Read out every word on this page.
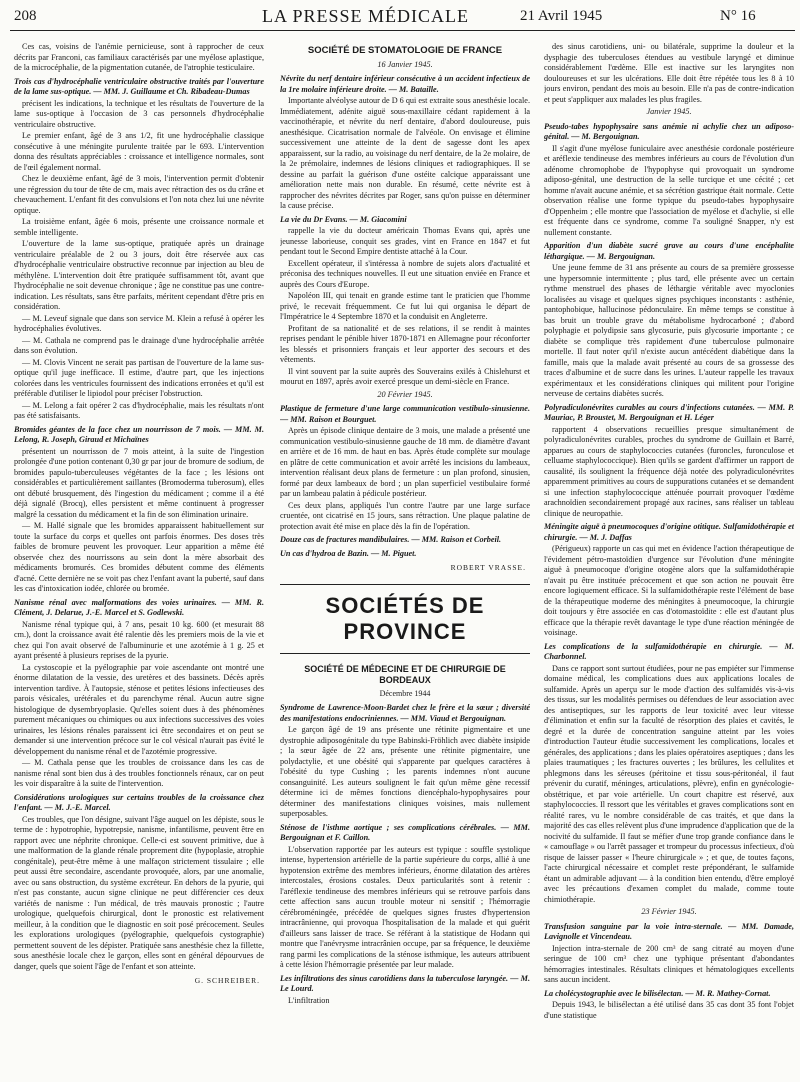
208	LA PRESSE MÉDICALE	21 Avril 1945	N° 16

Ces cas, voisins de l'anémie pernicieuse, sont à rapprocher de ceux décrits par Franconi, cas familiaux caractérisés par une myélose aplastique, de la microcéphalie, de la pigmentation cutanée, de l'atrophie testiculaire.

Trois cas d'hydrocéphalie ventriculaire obstructive traités par l'ouverture de la lame sus-optique. — MM. J. Guillaume et Ch. Ribadeau-Dumas

précisent les indications, la technique et les résultats de l'ouverture de la lame sus-optique à l'occasion de 3 cas personnels d'hydrocéphalie ventriculaire obstructive.

Le premier enfant, âgé de 3 ans 1/2, fit une hydrocéphalie classique consécutive à une méningite purulente traitée par le 693. L'intervention donna des résultats appréciables : croissance et intelligence normales, sont de l'œil également normal.

Chez le deuxième enfant, âgé de 3 mois, l'intervention permit d'obtenir une régression du tour de tête de cm, mais avec rétraction des os du crâne et chevauchement. L'enfant fit des convulsions et l'on nota chez lui une névrite optique.

La troisième enfant, âgée 6 mois, présente une croissance normale et semble intelligente.

L'ouverture de la lame sus-optique, pratiquée après un drainage ventriculaire préalable de 2 ou 3 jours, doit être réservée aux cas d'hydrocéphalie ventriculaire obstructive reconnue par injection au bleu de méthylène. L'intervention doit être pratiquée suffisamment tôt, avant que l'hydrocéphalie ne soit devenue chronique ; âge ne constitue pas une contre-indication. Les résultats, sans être parfaits, méritent cependant d'être pris en considération.

— M. Leveuf signale que dans son service M. Klein a refusé à opérer les hydrocéphalies évolutives.

— M. Cathala ne comprend pas le drainage d'une hydrocéphalie arrêtée dans son évolution.

— M. Clovis Vincent ne serait pas partisan de l'ouverture de la lame sus-optique qu'il juge inefficace. Il estime, d'autre part, que les injections colorées dans les ventricules fournissent des indications erronées et qu'il est préférable d'utiliser le lipiodol pour préciser l'obstruction.

— M. Lelong a fait opérer 2 cas d'hydrocéphalie, mais les résultats n'ont pas été satisfaisants.

Bromides géantes de la face chez un nourrisson de 7 mois. — MM. M. Lelong, R. Joseph, Giraud et Michaïnes

présentent un nourrisson de 7 mois atteint, à la suite de l'ingestion prolongée d'une potion contenant 0,30 gr par jour de bromure de sodium, de bromides papulo-tuberculeuses végétantes de la face ; les lésions ont considérables et particulièrement saillantes (Bromoderma tuberosum), elles ont débuté brusquement, dès l'ingestion du médicament ; comme il a été déjà signalé (Brocq), elles persistent et même continuent à progresser malgré la cessation du médicament et la fin de son élimination urinaire.

— M. Hallé signale que les bromides apparaissent habituellement sur toute la surface du corps et quelles ont parfois énormes. Des doses très faibles de bromure peuvent les provoquer. Leur apparition a même été observée chez des nourrissons au sein dont la mère absorbait des médicaments bromurés. Ces bromides débutent comme des éléments d'acné. Cette dernière ne se voit pas chez l'enfant avant la puberté, sauf dans les cas d'intoxication iodée, chlorée ou bromée.

Nanisme rénal avec malformations des voies urinaires. — MM. R. Clément, J. Delarue, J.-E. Marcel et S. Godlewski.

Nanisme rénal typique qui, à 7 ans, pesait 10 kg. 600 (et mesurait 88 cm.), dont la croissance avait été ralentie dès les premiers mois de la vie et chez qui l'on avait observé de l'albuminurie et une azotémie à 1 g. 25 et ayant présenté à plusieurs reprises de la pyurie.

La cystoscopie et la pyélographie par voie ascendante ont montré une énorme dilatation de la vessie, des uretères et des bassinets. Décès après intervention tardive. À l'autopsie, sténose et petites lésions infectieuses des parois vésicales, urétérales et du parenchyme rénal. Aucun autre signe histologique de dysembryoplasie. Qu'elles soient dues à des phénomènes purement mécaniques ou chimiques ou aux infections successives des voies urinaires, les lésions rénales paraissent ici être secondaires et on peut se demander si une intervention précoce sur le col vésical n'aurait pas évité le développement du nanisme rénal et de l'azotémie progressive.

— M. Cathala pense que les troubles de croissance dans les cas de nanisme rénal sont bien dus à des troubles fonctionnels rénaux, car on peut les voir disparaître à la suite de l'intervention.

Considérations urologiques sur certains troubles de la croissance chez l'enfant. — M. J.-E. Marcel.

Ces troubles, que l'on désigne, suivant l'âge auquel on les dépiste, sous le terme de : hypotrophie, hypotrepsie, nanisme, infantilisme, peuvent être en rapport avec une néphrite chronique. Celle-ci est souvent primitive, due à une malformation de la glande rénale proprement dite (hypoplasie, atrophie congénitale), peut-être même à une malfaçon strictement tissulaire ; elle peut aussi être secondaire, ascendante provoquée, alors, par une anomalie, avec ou sans obstruction, du système excréteur. En dehors de la pyurie, qui n'est pas constante, aucun signe clinique ne peut différencier ces deux variétés de nanisme : l'un médical, de très mauvais pronostic ; l'autre urologique, quelquefois chirurgical, dont le pronostic est relativement meilleur, à la condition que le diagnostic en soit posé précocement. Seules les explorations urologiques (pyélographie, quelquefois cystographie) permettent souvent de les dépister. Pratiquée sans anesthésie chez la fillette, sous anesthésie locale chez le garçon, elles sont en général dépourvues de danger, quels que soient l'âge de l'enfant et son atteinte.

G. SCHREIBER.

SOCIÉTÉ DE STOMATOLOGIE DE FRANCE

16 Janvier 1945.

Névrite du nerf dentaire inférieur consécutive à un accident infectieux de la 1re molaire inférieure droite. — M. Bataille.

Importante alvéolyse autour de D 6 qui est extraite sous anesthésie locale. Immédiatement, adénite aiguë sous-maxillaire cédant rapidement à la vaccinothérapie, et névrite du nerf dentaire, d'abord douloureuse, puis anesthésique. Cicatrisation normale de l'alvéole. On envisage et élimine successivement une atteinte de la dent de sagesse dont les apex apparaissent, sur la radio, au voisinage du nerf dentaire, de la 2e molaire, de la 2e prémolaire, indemnes de lésions cliniques et radiographiques. Il se dessine au parfait la guérison d'une ostéite calcique apparaissant une amélioration nette mais non durable. En résumé, cette névrite est à rapprocher des névrites décrites par Roger, sans qu'on puisse en déterminer la cause précise.

La vie du Dr Evans. — M. Giacomini

rappelle la vie du docteur américain Thomas Evans qui, après une jeunesse laborieuse, conquit ses grades, vint en France en 1847 et fut pendant tout le Second Empire dentiste attaché à la Cour.

Excellent opérateur, il s'intéressa à nombre de sujets alors d'actualité et préconisa des techniques nouvelles. Il eut une situation enviée en France et auprès des Cours d'Europe.

Napoléon III, qui tenait en grande estime tant le praticien que l'homme privé, le recevait fréquemment. Ce fut lui qui organisa le départ de l'Impératrice le 4 Septembre 1870 et la conduisit en Angleterre.

Profitant de sa nationalité et de ses relations, il se rendit à maintes reprises pendant le pénible hiver 1870-1871 en Allemagne pour réconforter les blessés et prisonniers français et leur apporter des secours et des vêtements.

Il vint souvent par la suite auprès des Souverains exilés à Chislehurst et mourut en 1897, après avoir exercé presque un demi-siècle en France.

20 Février 1945.

Plastique de fermeture d'une large communication vestibulo-sinusienne. — MM. Raison et Bourguet.

Après un épisode clinique dentaire de 3 mois, une malade a présenté une communication vestibulo-sinusienne gauche de 18 mm. de diamètre d'avant en arrière et de 16 mm. de haut en bas. Après étude complète sur moulage en plâtre de cette communication et avoir arrêté les incisions du lambeaux, intervention réalisant deux plans de fermeture : un plan profond, sinusien, formé par deux lambeaux de bord ; un plan superficiel vestibulaire formé par un lambeau palatin à pédicule postérieur.

Ces deux plans, appliqués l'un contre l'autre par une large surface cruentée, ont cicatrisé en 15 jours, sans rétraction. Une plaque palatine de protection avait été mise en place dès la fin de l'opération.

Douze cas de fractures mandibulaires. — MM. Raison et Corbeil.

Un cas d'hydroa de Bazin. — M. Piguet.

ROBERT VRASSE.

SOCIÉTÉS DE PROVINCE

SOCIÉTÉ DE MÉDECINE ET DE CHIRURGIE DE BORDEAUX

Décembre 1944

Syndrome de Lawrence-Moon-Bardet chez le frère et la sœur ; diversité des manifestations endocriniennes. — MM. Viaud et Bergouignan.

Le garçon âgé de 19 ans présente une rétinite pigmentaire et une dystrophie adiposogénitale du type Babinski-Fröhlich avec diabète insipide ; la sœur âgée de 22 ans, présente une rétinite pigmentaire, une polydactylie, et une obésité qui s'apparente par quelques caractères à l'obésité du type Cushing ; les parents indemnes n'ont aucune consanguinité. Les auteurs soulignent le fait qu'un même gène recessif détermine ici de mêmes fonctions diencéphalo-hypophysaires pour déterminer des manifestations cliniques voisines, mais nullement superposables.

Sténose de l'isthme aortique ; ses complications cérébrales. — MM. Bergouignan et F. Caillon.

L'observation rapportée par les auteurs est typique : souffle systolique intense, hypertension artérielle de la partie supérieure du corps, allié à une hypotension extrême des membres inférieurs, énorme dilatation des artères intercostales, érosions costales. Deux particularités sont à retenir : l'aréflexie tendineuse des membres inférieurs qui se retrouve parfois dans cette affection sans aucun trouble moteur ni sensitif ; l'hémorragie cérébroméningée, précédée de quelques signes frustes d'hypertension intracrânienne, qui provoqua l'hospitalisation de la malade et qui guérit d'ailleurs sans laisser de trace. Se référant à la statistique de Hodann qui montre que l'anévrysme intracrânien occupe, par sa fréquence, le deuxième rang parmi les complications de la sténose isthmique, les auteurs attribuent à cette lésion l'hémorragie présentée par leur malade.

Les infiltrations des sinus carotidiens dans la tuberculose laryngée. — M. Le Lourd.

L'infiltration

des sinus carotidiens, uni- ou bilatérale, supprime la douleur et la dysphagie des tuberculoses étendues au vestibule laryngé et diminue considérablement l'œdème. Elle est inactive sur les laryngites non douloureuses et sur les ulcérations. Elle doit être répétée tous les 8 à 10 jours environ, pendant des mois au besoin. Elle n'a pas de contre-indication et peut s'appliquer aux malades les plus fragiles.

Janvier 1945.

Pseudo-tabes hypophysaire sans anémie ni achylie chez un adiposo-génital. — M. Bergouignan.

Il s'agit d'une myélose funiculaire avec anesthésie cordonale postérieure et aréflexie tendineuse des membres inférieurs au cours de l'évolution d'un adénome chromophobe de l'hypophyse qui provoquait un syndrome adiposo-génital, une destruction de la selle turcique et une cécité ; cet homme n'avait aucune anémie, et sa sécrétion gastrique était normale. Cette observation réalise une forme typique du pseudo-tabes hypophysaire d'Oppenheim ; elle montre que l'association de myélose et d'achylie, si elle est fréquente dans ce syndrome, comme l'a souligné Snapper, n'y est nullement constante.

Apparition d'un diabète sucré grave au cours d'une encéphalite léthargique. — M. Bergouignan.

Une jeune femme de 31 ans présente au cours de sa première grossesse une hypersomnie intermittente ; plus tard, elle présente avec un certain rythme menstruel des phases de léthargie véritable avec myoclonies localisées au visage et quelques signes psychiques inconstants : asthénie, pantophobique, hallucinose pédonculaire. En même temps se constitue à bas bruit un trouble grave du métabolisme hydrocarboné ; d'abord polyphagie et polydipsie sans glycosurie, puis glycosurie importante ; ce diabète se complique très rapidement d'une tuberculose pulmonaire mortelle. Il faut noter qu'il n'existe aucun antécédent diabétique dans la famille, mais que la malade avait présenté au cours de sa grossesse des traces d'albumine et de sucre dans les urines. L'auteur rappelle les travaux expérimentaux et les considérations cliniques qui militent pour l'origine nerveuse de certains diabètes sucrés.

Polyradiculonévrites curables au cours d'infections cutanées. — MM. P. Mauriac, P. Broustet, M. Bergouignan et H. Léger

rapportent 4 observations recueillies presque simultanément de polyradiculonévrites curables, proches du syndrome de Guillain et Barré, apparues au cours de staphylococcies cutanées (furoncles, furonculose et celluame staphylococcique). Bien qu'ils se gardent d'affirmer un rapport de causalité, ils soulignent la fréquence déjà notée des polyradiculonévrites apparemment primitives au cours de suppurations cutanées et se demandent si une infection staphylococcique atténuée pourrait provoquer l'œdème arachnoïdien secondairement propagé aux racines, sans réaliser un tableau clinique de neuropathie.

Méningite aiguë à pneumocoques d'origine otitique. Sulfamidothérapie et chirurgie. — M. J. Daffas

(Périgueux) rapporte un cas qui met en évidence l'action thérapeutique de l'évidement pétro-mastoïdien d'urgence sur l'évolution d'une méningite aiguë à pneumocoque d'origine otogène alors que la sulfamidothérapie n'avait pu être instituée précocement et que son action ne pouvait être encore logiquement efficace. Si la sulfamidothérapie reste l'élément de base de la thérapeutique moderne des méningites à pneumocoque, la chirurgie doit toujours y être associée en cas d'otomastoïdite : elle est d'autant plus efficace que la thérapie revêt davantage le type d'une réaction méningée de voisinage.

Les complications de la sulfamidothérapie en chirurgie. — M. Charbonnel.

Dans ce rapport sont surtout étudiées, pour ne pas empiéter sur l'immense domaine médical, les complications dues aux applications locales de sulfamide. Après un aperçu sur le mode d'action des sulfamidés vis-à-vis des tissus, sur les modalités permises ou défendues de leur association avec des antiseptiques, sur les rapports de leur toxicité avec leur vitesse d'élimination et enfin sur la faculté de résorption des plaies et cavités, le degré et la durée de concentration sanguine atteint par les voies d'introduction l'auteur étudie successivement les complications, locales et générales, des applications ; dans les plaies opératoires aseptiques ; dans les plaies traumatiques ; les fractures ouvertes ; les brûlures, les cellulites et phlegmons dans les séreuses (péritoine et tissu sous-péritonéal, il faut prévenir du curatif, méninges, articulations, plèvre), enfin en gynécologie-obstétrique, et par voie artérielle. Un court chapitre est réservé, aux staphylococcies. Il ressort que les véritables et graves complications sont en réalité rares, vu le nombre considérable de cas traités, et que dans la majorité des cas elles relèvent plus d'une imprudence d'application que de la nocivité du sulfamide. Il faut se méfier d'une trop grande confiance dans le « camouflage » ou l'arrêt passager et trompeur du processus infectieux, d'où risque de laisser passer « l'heure chirurgicale » ; et que, de toutes façons, l'acte chirurgical nécessaire et complet reste prépondérant, le sulfamide étant un admirable adjuvant — à la condition bien entendu, d'être employé avec les précautions d'examen complet du malade, comme toute chimiothérapie.

23 Février 1945.

Transfusion sanguine par la voie intra-sternale. — MM. Damade, Lavignolle et Vincendeau.

Injection intra-sternale de 200 cm³ de sang citraté au moyen d'une seringue de 100 cm³ chez une typhique présentant d'abondantes hémorragies intestinales. Résultats cliniques et hématologiques excellents sans aucun incident.

La cholécystographie avec le bilisélectan. — M. R. Mathey-Cornat.

Depuis 1943, le bilisélectan a été utilisé dans 35 cas dont 35 font l'objet d'une statistique
